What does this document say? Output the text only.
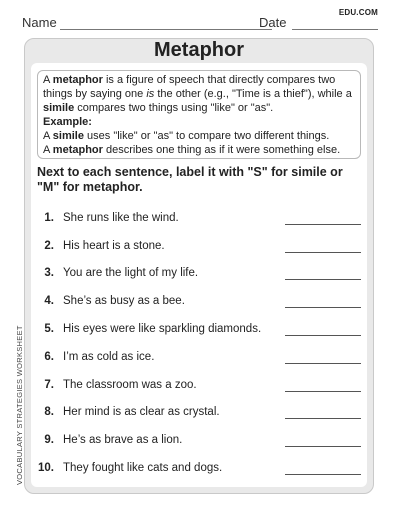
Name	Date
EDU.COM
VOCABULARY STRATEGIES WORKSHEET
Metaphor

A metaphor is a figure of speech that directly compares two things by saying one is the other (e.g., "Time is a thief"), while a simile compares two things using "like" or "as".

Example:

A simile uses "like" or "as" to compare two different things.

A metaphor describes one thing as if it were something else.

Next to each sentence, label it with "S" for simile or "M" for metaphor.
1. She runs like the wind.
2. His heart is a stone.
3. You are the light of my life.
4. She’s as busy as a bee.
5. His eyes were like sparkling diamonds.
6. I’m as cold as ice.
7. The classroom was a zoo.
8. Her mind is as clear as crystal.
9. He’s as brave as a lion.
10. They fought like cats and dogs.
